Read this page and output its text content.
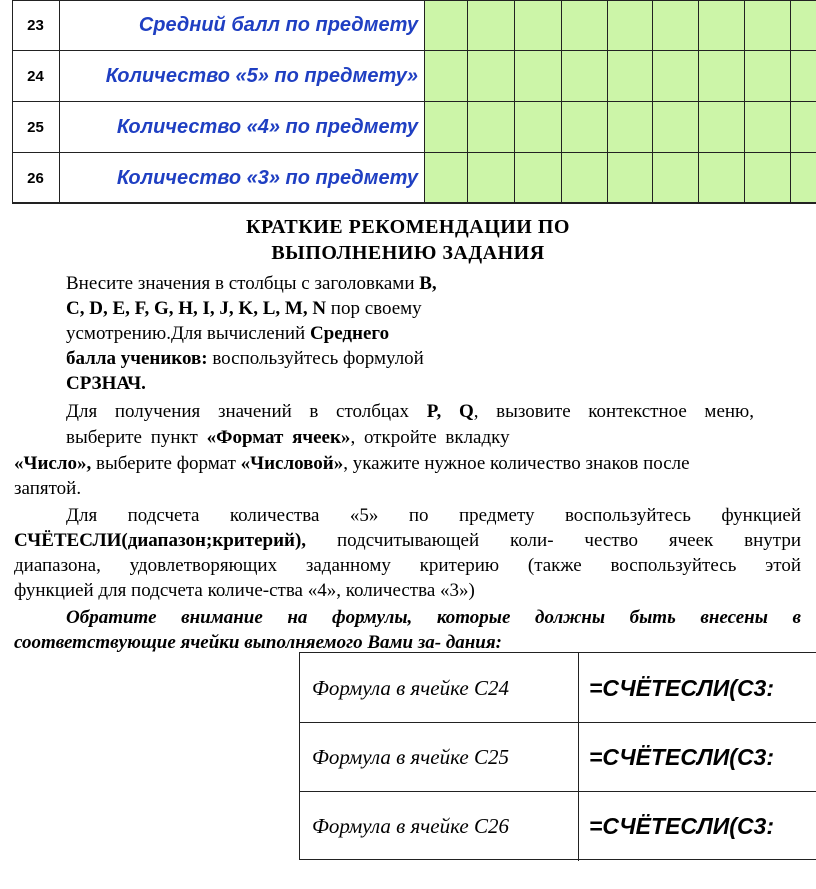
23	Средний балл по предмету
24	Количество «5» по предмету»
25	Количество «4» по предмету
26	Количество «3» по предмету
КРАТКИЕ РЕКОМЕНДАЦИИ ПО
ВЫПОЛНЕНИЮ ЗАДАНИЯ
Внесите значения в столбцы с заголовками B,
C, D, E, F, G, H, I, J, K, L, M, N пор своему
усмотрению.Для вычислений Среднего
балла учеников: воспользуйтесь формулой
СРЗНАЧ.
Для получения значений в столбцах P, Q, вызовите контекстное меню,
выберите пункт «Формат ячеек», откройте вкладку
«Число», выберите формат «Числовой», укажите нужное количество знаков после
запятой.
Для подсчета количества «5» по предмету воспользуйтесь функцией
СЧЁТЕСЛИ(диапазон;критерий), подсчитывающей коли- чество ячеек внутри
диапазона, удовлетворяющих заданному критерию (также воспользуйтесь этой
функцией для подсчета количе-ства «4», количества «3»)
Обратите внимание на формулы, которые должны быть внесены в
соответствующие ячейки выполняемого Вами за- дания:
Формула в ячейке С24	=СЧЁТЕСЛИ(С3:
Формула в ячейке С25	=СЧЁТЕСЛИ(С3:
Формула в ячейке С26	=СЧЁТЕСЛИ(С3:
